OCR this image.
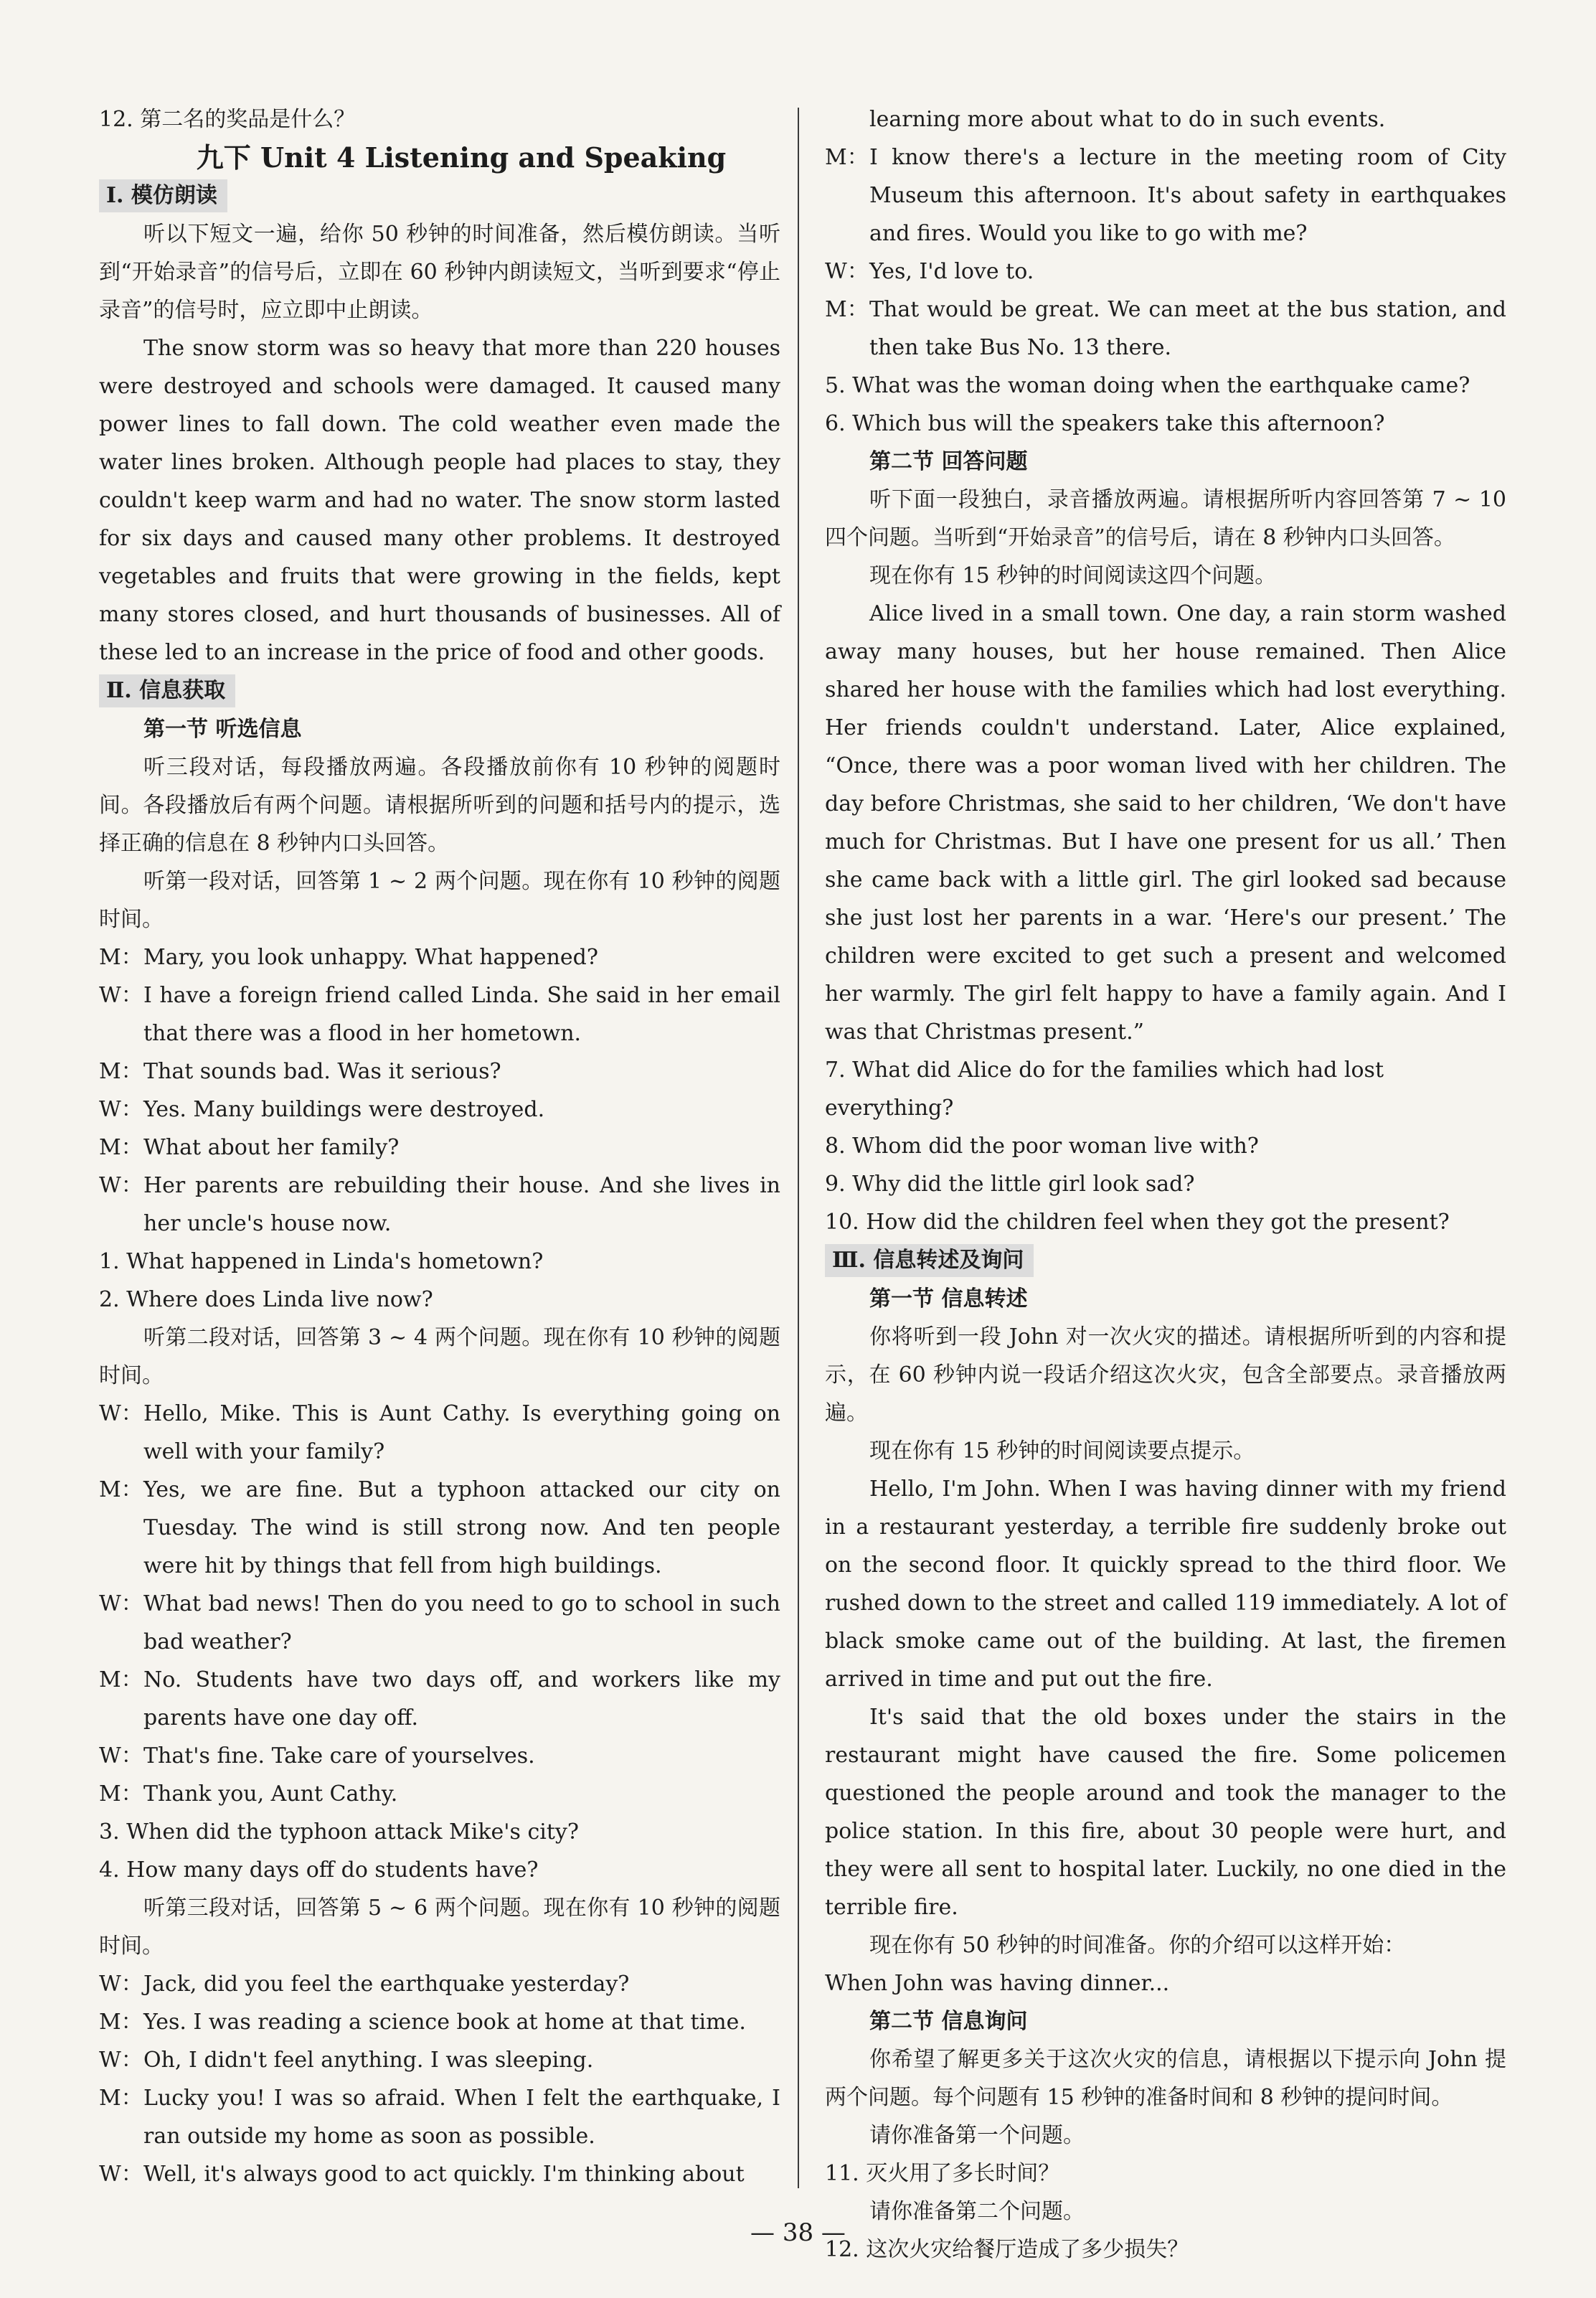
12. 第二名的奖品是什么？

九下 Unit 4 Listening and Speaking

Ⅰ. 模仿朗读

听以下短文一遍，给你 50 秒钟的时间准备，然后模仿朗读。当听到“开始录音”的信号后，立即在 60 秒钟内朗读短文，当听到要求“停止录音”的信号时，应立即中止朗读。

The snow storm was so heavy that more than 220 houses were destroyed and schools were damaged. It caused many power lines to fall down. The cold weather even made the water lines broken. Although people had places to stay, they couldn't keep warm and had no water. The snow storm lasted for six days and caused many other problems. It destroyed vegetables and fruits that were growing in the fields, kept many stores closed, and hurt thousands of businesses. All of these led to an increase in the price of food and other goods.

Ⅱ. 信息获取

第一节 听选信息

听三段对话，每段播放两遍。各段播放前你有 10 秒钟的阅题时间。各段播放后有两个问题。请根据所听到的问题和括号内的提示，选择正确的信息在 8 秒钟内口头回答。

听第一段对话，回答第 1 ~ 2 两个问题。现在你有 10 秒钟的阅题时间。

M： Mary, you look unhappy. What happened?
W： I have a foreign friend called Linda. She said in her email that there was a flood in her hometown.
M： That sounds bad. Was it serious?
W： Yes. Many buildings were destroyed.
M： What about her family?
W： Her parents are rebuilding their house. And she lives in her uncle's house now.

1. What happened in Linda's hometown?

2. Where does Linda live now?

听第二段对话，回答第 3 ~ 4 两个问题。现在你有 10 秒钟的阅题时间。

W： Hello, Mike. This is Aunt Cathy. Is everything going on well with your family?
M： Yes, we are fine. But a typhoon attacked our city on Tuesday. The wind is still strong now. And ten people were hit by things that fell from high buildings.
W： What bad news! Then do you need to go to school in such bad weather?
M： No. Students have two days off, and workers like my parents have one day off.
W： That's fine. Take care of yourselves.
M： Thank you, Aunt Cathy.

3. When did the typhoon attack Mike's city?

4. How many days off do students have?

听第三段对话，回答第 5 ~ 6 两个问题。现在你有 10 秒钟的阅题时间。

W： Jack, did you feel the earthquake yesterday?
M： Yes. I was reading a science book at home at that time.
W： Oh, I didn't feel anything. I was sleeping.
M： Lucky you! I was so afraid. When I felt the earthquake, I ran outside my home as soon as possible.
W： Well, it's always good to act quickly. I'm thinking about
learning more about what to do in such events.
M： I know there's a lecture in the meeting room of City Museum this afternoon. It's about safety in earthquakes and fires. Would you like to go with me?
W： Yes, I'd love to.
M： That would be great. We can meet at the bus station, and then take Bus No. 13 there.

5. What was the woman doing when the earthquake came?

6. Which bus will the speakers take this afternoon?

第二节 回答问题

听下面一段独白，录音播放两遍。请根据所听内容回答第 7 ~ 10 四个问题。当听到“开始录音”的信号后，请在 8 秒钟内口头回答。

现在你有 15 秒钟的时间阅读这四个问题。

Alice lived in a small town. One day, a rain storm washed away many houses, but her house remained. Then Alice shared her house with the families which had lost everything. Her friends couldn't understand. Later, Alice explained, “Once, there was a poor woman lived with her children. The day before Christmas, she said to her children, ‘We don't have much for Christmas. But I have one present for us all.’ Then she came back with a little girl. The girl looked sad because she just lost her parents in a war. ‘Here's our present.’ The children were excited to get such a present and welcomed her warmly. The girl felt happy to have a family again. And I was that Christmas present.”

7. What did Alice do for the families which had lost everything?

8. Whom did the poor woman live with?

9. Why did the little girl look sad?

10. How did the children feel when they got the present?

Ⅲ. 信息转述及询问

第一节 信息转述

你将听到一段 John 对一次火灾的描述。请根据所听到的内容和提示，在 60 秒钟内说一段话介绍这次火灾，包含全部要点。录音播放两遍。

现在你有 15 秒钟的时间阅读要点提示。

Hello, I'm John. When I was having dinner with my friend in a restaurant yesterday, a terrible fire suddenly broke out on the second floor. It quickly spread to the third floor. We rushed down to the street and called 119 immediately. A lot of black smoke came out of the building. At last, the firemen arrived in time and put out the fire.

It's said that the old boxes under the stairs in the restaurant might have caused the fire. Some policemen questioned the people around and took the manager to the police station. In this fire, about 30 people were hurt, and they were all sent to hospital later. Luckily, no one died in the terrible fire.

现在你有 50 秒钟的时间准备。你的介绍可以这样开始：

When John was having dinner...

第二节 信息询问

你希望了解更多关于这次火灾的信息，请根据以下提示向 John 提两个问题。每个问题有 15 秒钟的准备时间和 8 秒钟的提问时间。

请你准备第一个问题。

11. 灭火用了多长时间？

请你准备第二个问题。

12. 这次火灾给餐厅造成了多少损失？

— 38 —
